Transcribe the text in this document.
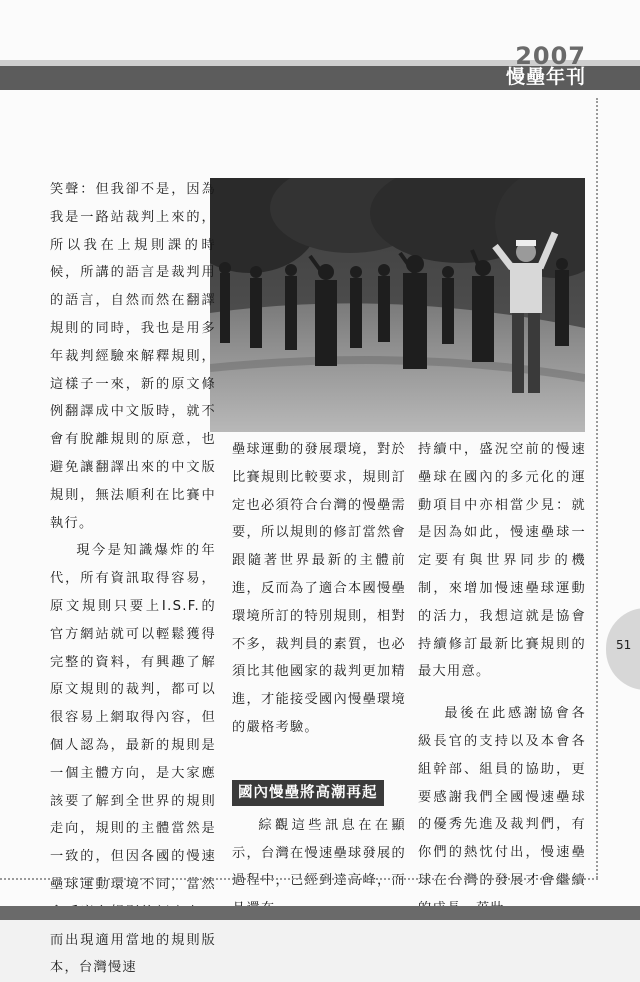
2007
慢壘年刊

笑聲：但我卻不是，因為我是一路站裁判上來的，所以我在上規則課的時候，所講的語言是裁判用的語言，自然而然在翻譯規則的同時，我也是用多年裁判經驗來解釋規則，這樣子一來，新的原文條例翻譯成中文版時，就不會有脫離規則的原意，也避免讓翻譯出來的中文版規則，無法順利在比賽中執行。

現今是知識爆炸的年代，所有資訊取得容易，原文規則只要上I.S.F.的官方網站就可以輕鬆獲得完整的資料，有興趣了解原文規則的裁判，都可以很容易上網取得內容，但個人認為，最新的規則是一個主體方向，是大家應該要了解到全世界的規則走向，規則的主體當然是一致的，但因各國的慢速壘球運動環境不同，當然 而出現適用當地的規則版本，台灣慢速

壘球運動的發展環境，對於比賽規則比較要求，規則訂定也必須符合台灣的慢壘需要，所以規則的修訂當然會跟隨著世界最新的主體前進，反而為了適合本國慢壘環境所訂的特別規則，相對不多，裁判員的素質，也必須比其他國家的裁判更加精進，才能接受國內慢壘環境的嚴格考驗。

國內慢壘將高潮再起

綜觀這些訊息在在顯示，台灣在慢速壘球發展的過程中，已經到達高峰，而

持續中，盛況空前的慢速壘球在國內的多元化的運動項目中亦相當少見：就是因為如此，慢速壘球一定要有與世界同步的機制，來增加慢速壘球運動的活力，我想這就是協會持續修訂最新比賽規則的最大用意。

最後在此感謝協會各級長官的支持以及本會各組幹部、組員的協助，更要感謝我們全國慢速壘球的優秀先進及裁判們，有你們的熱忱付出，慢速壘球在台灣的發展才會繼續

51
